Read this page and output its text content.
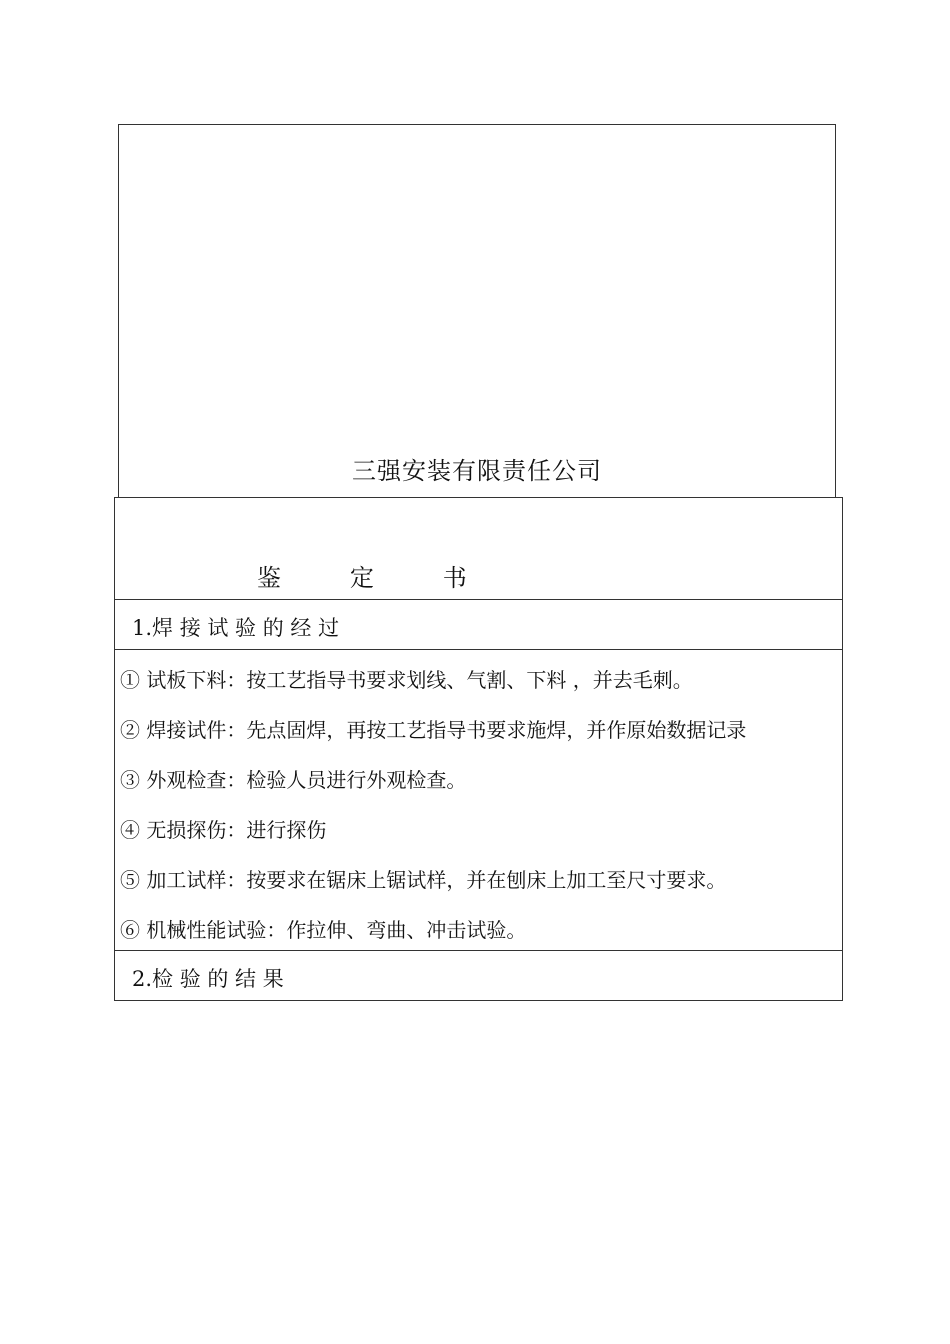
三强安装有限责任公司
鉴   定   书
1.焊 接 试 验 的 经 过
① 试板下料：按工艺指导书要求划线、气割、下料 ，并去毛刺。
② 焊接试件：先点固焊，再按工艺指导书要求施焊，并作原始数据记录
③ 外观检查：检验人员进行外观检查。
④ 无损探伤：进行探伤
⑤ 加工试样：按要求在锯床上锯试样，并在刨床上加工至尺寸要求。
⑥ 机械性能试验：作拉伸、弯曲、冲击试验。
2.检 验 的 结 果
